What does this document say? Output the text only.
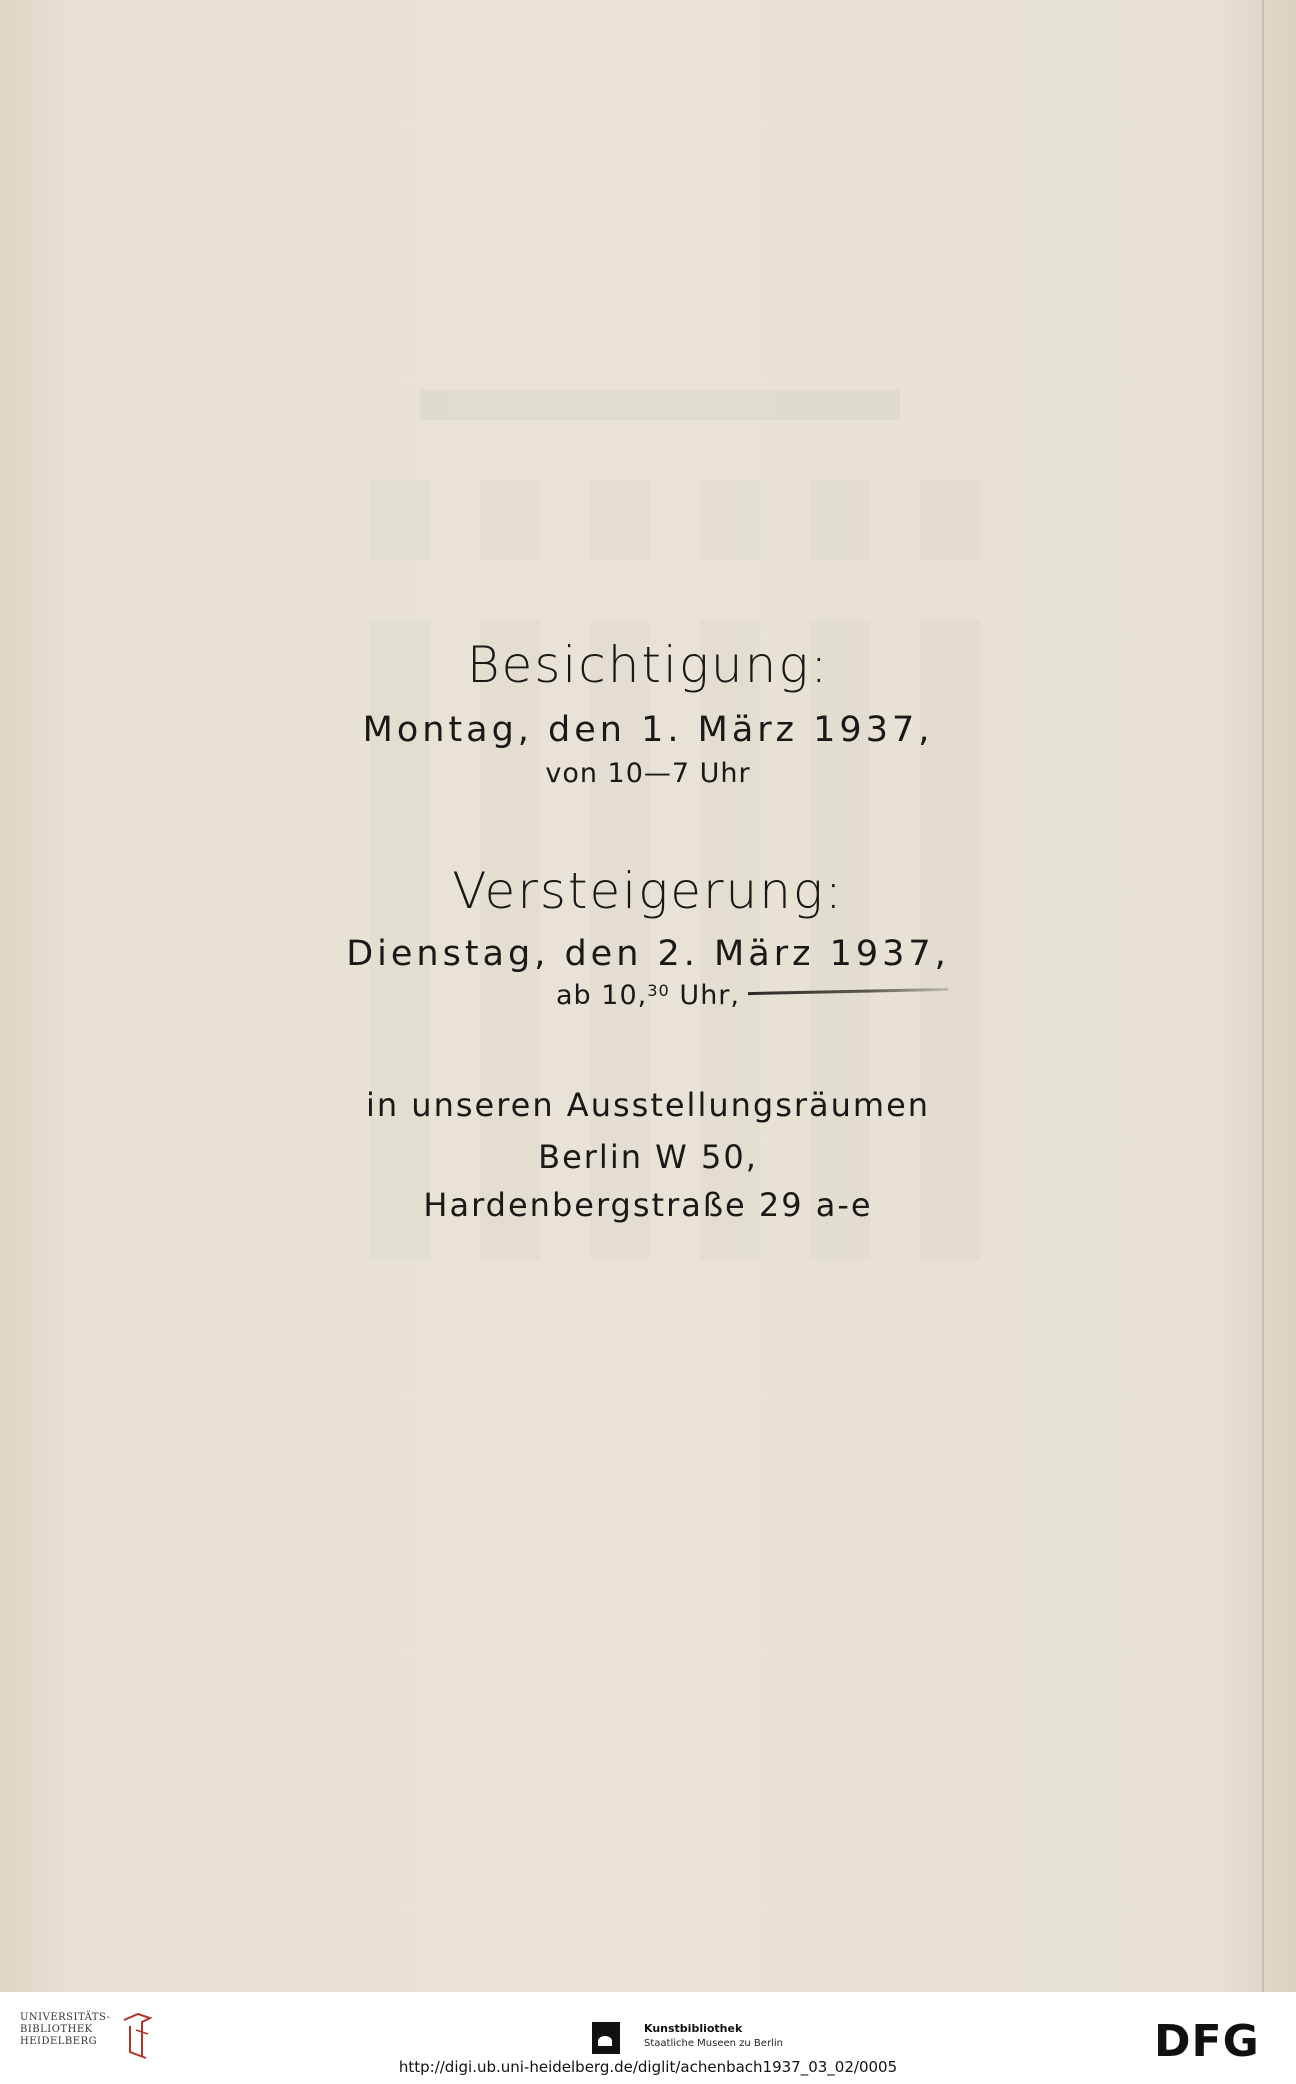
Besichtigung:
Montag, den 1. März 1937,
von 10—7 Uhr
Versteigerung:
Dienstag, den 2. März 1937,
ab 10,30 Uhr,
in unseren Ausstellungsräumen
Berlin W 50,
Hardenbergstraße 29 a-e
UNIVERSITÄTS-
BIBLIOTHEK
HEIDELBERG
Kunstbibliothek
Staatliche Museen zu Berlin	DFG
http://digi.ub.uni-heidelberg.de/diglit/achenbach1937_03_02/0005
